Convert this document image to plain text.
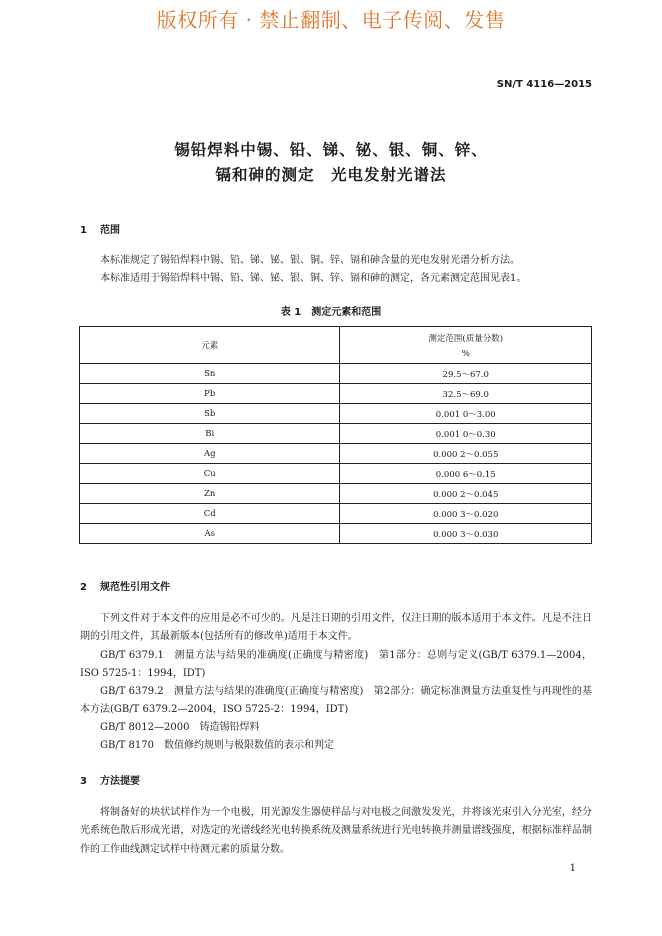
版权所有 · 禁止翻制、电子传阅、发售
SN/T 4116—2015
锡铅焊料中锡、铅、锑、铋、银、铜、锌、
镉和砷的测定　光电发射光谱法
1 范围
本标准规定了锡铅焊料中锡、铅、锑、铋、银、铜、锌、镉和砷含量的光电发射光谱分析方法。
本标准适用于锡铅焊料中锡、铅、锑、铋、银、铜、锌、镉和砷的测定，各元素测定范围见表1。
表 1　测定元素和范围
元素	测定范围(质量分数)
%

Sn	29.5～67.0
Pb	32.5～69.0
Sb	0.001 0～3.00
Bi	0.001 0～0.30
Ag	0.000 2～0.055
Cu	0.000 6～0.15
Zn	0.000 2～0.045
Cd	0.000 3～0.020
As	0.000 3～0.030
2 规范性引用文件
下列文件对于本文件的应用是必不可少的。凡是注日期的引用文件，仅注日期的版本适用于本文件。凡是不注日期的引用文件，其最新版本(包括所有的修改单)适用于本文件。
GB/T 6379.1　测量方法与结果的准确度(正确度与精密度)　第1部分：总则与定义(GB/T 6379.1—2004，ISO 5725-1：1994，IDT)
GB/T 6379.2　测量方法与结果的准确度(正确度与精密度)　第2部分：确定标准测量方法重复性与再现性的基本方法(GB/T 6379.2—2004，ISO 5725-2：1994，IDT)
GB/T 8012—2000　铸造锡铅焊料
GB/T 8170　数值修约规则与极限数值的表示和判定
3 方法提要
将制备好的块状试样作为一个电极，用光源发生器使样品与对电极之间激发发光，并将该光束引入分光室，经分光系统色散后形成光谱，对选定的光谱线经光电转换系统及测量系统进行光电转换并测量谱线强度，根据标准样品制作的工作曲线测定试样中待测元素的质量分数。
1
